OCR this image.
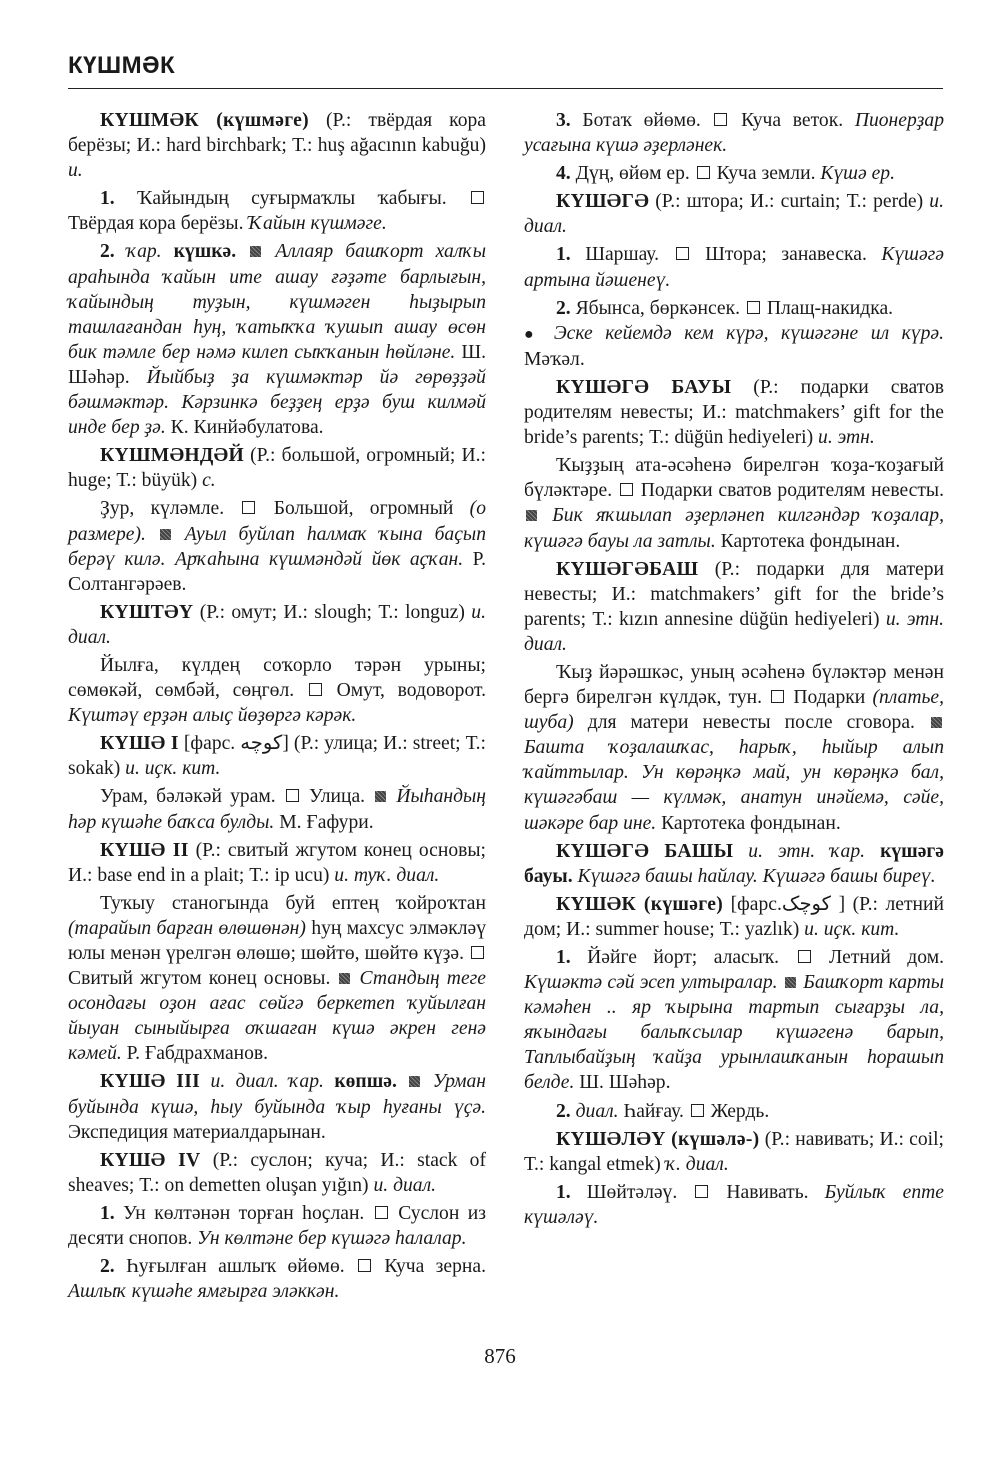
КҮШМӘК

КҮШМӘК (күшмәге) (Р.: твёрдая кора берёзы; И.: hard birchbark; Т.: huş ağacının kabuğu) и.

1. Ҡайындың суғырмаҡлы ҡабығы.  Твёрдая кора берёзы. Ҡайын күшмәге.

2. ҡар. күшкә. Аллаяр башҡорт халҡы араһында ҡайын ите ашау ғәҙәте барлығын, ҡайындың туҙын, күшмәген һыҙырып ташлағандан һуң, ҡатыҡҡа ҡушып ашау өсөн бик тәмле бер нәмә килеп сыҡҡанын һөйләне. Ш. Шәһәр. Йыйбыҙ ҙа күшмәктәр йә гөрөҙҙәй бәшмәктәр. Кәрзинкә беҙҙең ерҙә буш килмәй инде бер ҙә. К. Кинйәбулатова.

КҮШМӘНДӘЙ (Р.: большой, огромный; И.: huge; Т.: büyük) с.

Ҙур, күләмле.  Большой, огромный (о размере). Ауыл буйлап һалмаҡ ҡына баҫып берәү килә. Арҡаһына күшмәндәй йөк аҫҡан. Р. Солтангәрәев.

КҮШТӘҮ (Р.: омут; И.: slough; Т.: longuz) и. диал.

Йылға, күлдең соҡорло тәрән урыны; сөмөкәй, сөмбәй, сөңгөл.  Омут, водоворот. Күштәү ерҙән алыҫ йөҙөргә кәрәк.

КҮШӘ I [фарс. كوچه] (Р.: улица; И.: street; Т.: sokak) и. иҫк. кит.

Урам, бәләкәй урам.  Улица.  Йыһандың һәр күшәһе баҡса булды. М. Ғафури.

КҮШӘ II (Р.: свитый жгутом конец основы; И.: base end in a plait; Т.: ip ucu) и. туҡ. диал.

Туҡыу станогында буй ептең ҡойроҡтан (тарайып барған өлөшөнән) һуң махсус элмәкләү юлы менән үрелгән өлөшө; шөйтө, шөйтө күҙә.  Свитый жгутом конец основы.  Стандың теге осондағы оҙон ағас сөйгә беркетеп ҡуйылған йыуан сыныйырға оҡшаған күшә әкрен генә кәмей. Р. Ғабдрахманов.

КҮШӘ III и. диал. ҡар. көпшә. Урман буйында күшә, һыу буйында ҡыр һуғаны үҫә. Экспедиция материалдарынан.

КҮШӘ IV (Р.: суслон; куча; И.: stack of sheaves; Т.: on demetten oluşan yığın) и. диал.

1. Ун көлтәнән торған һоҫлан.  Суслон из десяти снопов. Ун көлтәне бер күшәгә һалалар.

2. Һуғылған ашлыҡ өйөмө.  Куча зерна. Ашлыҡ күшәһе ямғырға эләккән.

3. Ботаҡ өйөмө.  Куча веток. Пионерҙар усағына күшә әҙерләнек.

4. Дүң, өйөм ер.  Куча земли. Күшә ер.

КҮШӘГӘ (Р.: штора; И.: curtain; Т.: perde) и. диал.

1. Шаршау.  Штора; занавеска. Күшәгә артына йәшенеү.

2. Ябынса, бөркәнсек.  Плащ-накидка.
● Эске кейемдә кем күрә, күшәгәне ил күрә. Мәҡәл.

КҮШӘГӘ БАУЫ (Р.: подарки сватов родителям невесты; И.: matchmakers’ gift for the bride’s parents; Т.: düğün hediyeleri) и. этн.

Ҡыҙҙың ата-әсәһенә бирелгән ҡоҙа-ҡоҙағый бүләктәре.  Подарки сватов родителям невесты.  Бик яҡшылап әҙерләнеп килгәндәр ҡоҙалар, күшәгә бауы ла затлы. Картотека фондынан.

КҮШӘГӘБАШ (Р.: подарки для матери невесты; И.: matchmakers’ gift for the bride’s parents; Т.: kızın annesine düğün hediyeleri) и. этн. диал.

Ҡыҙ йәрәшкәс, уның әсәһенә бүләктәр менән бергә бирелгән күлдәк, тун.  Подарки (платье, шуба) для матери невесты после сговора.  Башта ҡоҙалашҡас, һарыҡ, һыйыр алып ҡайттылар. Ун көрәңкә май, ун көрәңкә бал, күшәгәбаш — күлмәк, анатун инәйемә, сәйе, шәкәре бар ине. Картотека фондынан.

КҮШӘГӘ БАШЫ и. этн. ҡар. күшәгә бауы. Күшәгә башы һайлау. Күшәгә башы биреү.

КҮШӘК (күшәге) [фарс.کوچک ] (Р.: летний дом; И.: summer house; Т.: yazlık) и. иҫк. кит.

1. Йәйге йорт; аласыҡ.  Летний дом. Күшәктә сәй эсеп ултыралар.  Башҡорт карты кәмәһен .. яр ҡырына тартып сығарҙы ла, яҡындағы балыҡсылар күшәгенә барып, Таплыбайҙың ҡайҙа урынлашҡанын һорашып белде. Ш. Шәһәр.

2. диал. Һайғау.  Жердь.

КҮШӘЛӘҮ (күшәлә-) (Р.: навивать; И.: coil; Т.: kangal etmek) ҡ. диал.

1. Шөйтәләү.  Навивать. Буйлыҡ епте күшәләү.

876
